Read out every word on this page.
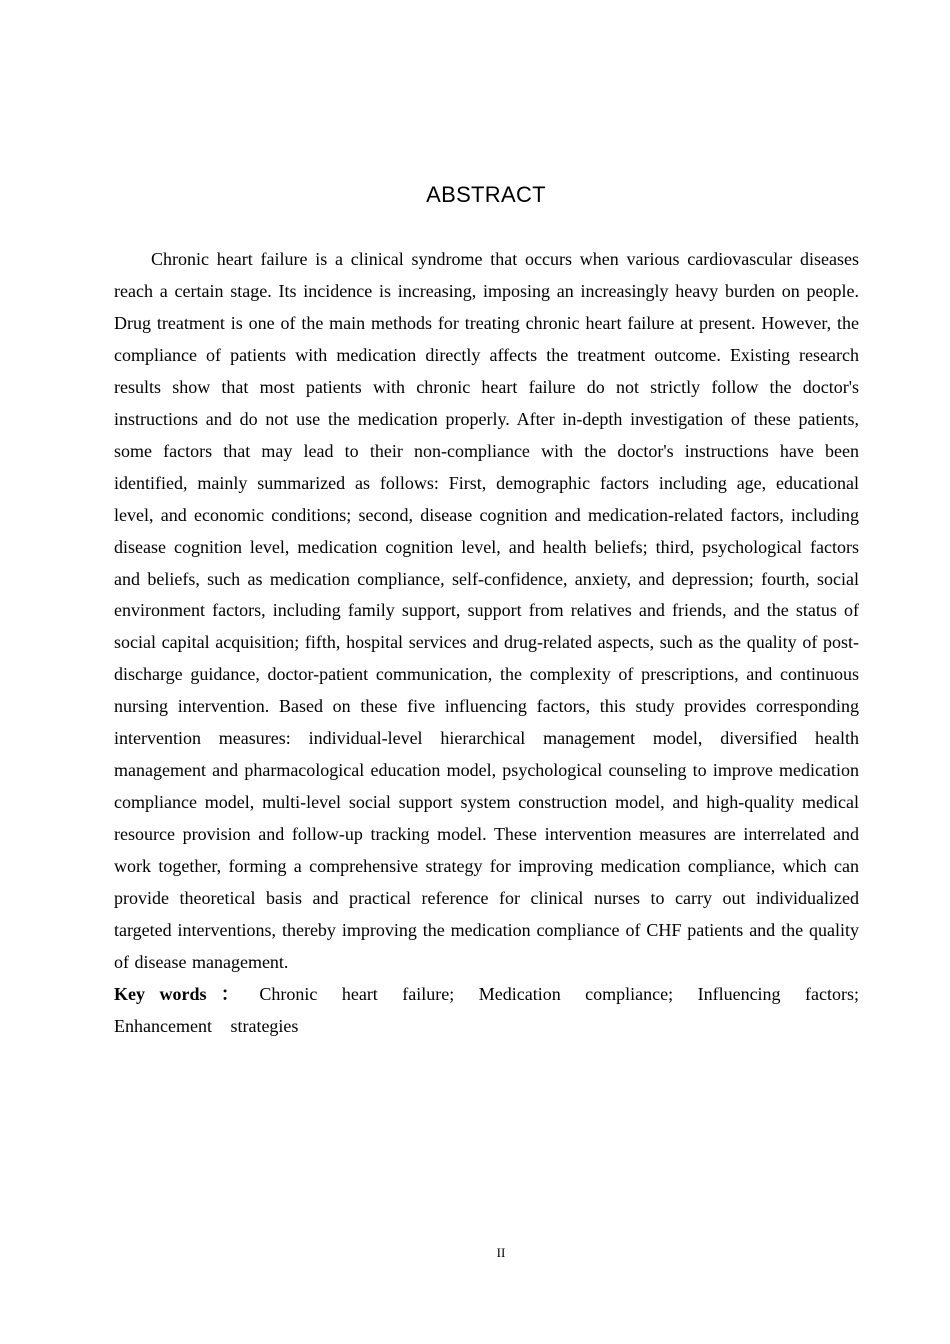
ABSTRACT

Chronic heart failure is a clinical syndrome that occurs when various cardiovascular diseases reach a certain stage. Its incidence is increasing, imposing an increasingly heavy burden on people. Drug treatment is one of the main methods for treating chronic heart failure at present. However, the compliance of patients with medication directly affects the treatment outcome. Existing research results show that most patients with chronic heart failure do not strictly follow the doctor's instructions and do not use the medication properly. After in-depth investigation of these patients, some factors that may lead to their non-compliance with the doctor's instructions have been identified, mainly summarized as follows: First, demographic factors including age, educational level, and economic conditions; second, disease cognition and medication-related factors, including disease cognition level, medication cognition level, and health beliefs; third, psychological factors and beliefs, such as medication compliance, self-confidence, anxiety, and depression; fourth, social environment factors, including family support, support from relatives and friends, and the status of social capital acquisition; fifth, hospital services and drug-related aspects, such as the quality of post-discharge guidance, doctor-patient communication, the complexity of prescriptions, and continuous nursing intervention. Based on these five influencing factors, this study provides corresponding intervention measures: individual-level hierarchical management model, diversified health management and pharmacological education model, psychological counseling to improve medication compliance model, multi-level social support system construction model, and high-quality medical resource provision and follow-up tracking model. These intervention measures are interrelated and work together, forming a comprehensive strategy for improving medication compliance, which can provide theoretical basis and practical reference for clinical nurses to carry out individualized targeted interventions, thereby improving the medication compliance of CHF patients and the quality of disease management.

Key words ： Chronic heart failure; Medication compliance; Influencing factors; Enhancement strategies

II
